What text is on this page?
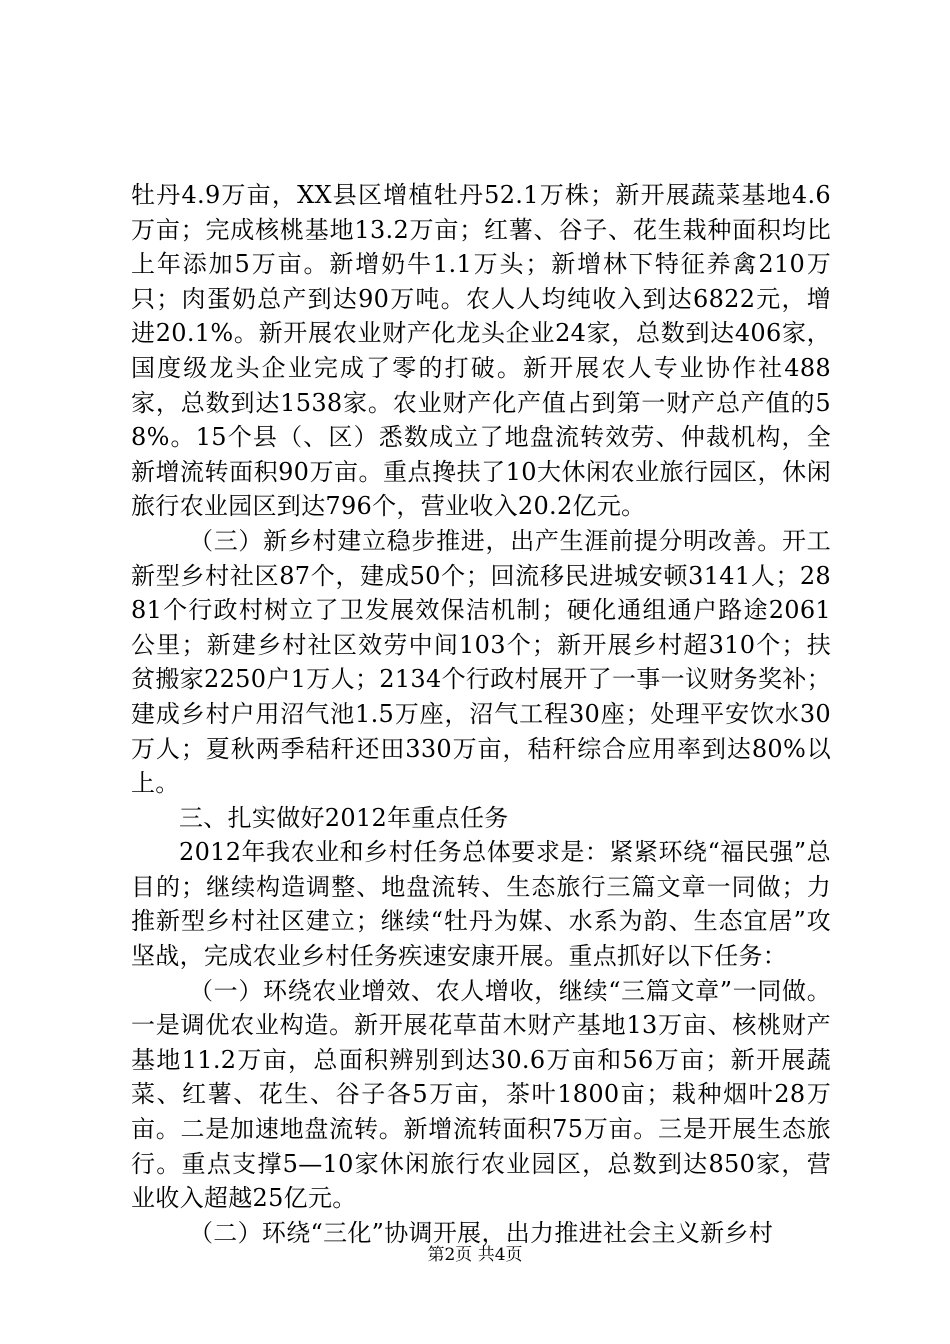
牡丹4.9万亩，XX县区增植牡丹52.1万株；新开展蔬菜基地4.6万亩；完成核桃基地13.2万亩；红薯、谷子、花生栽种面积均比上年添加5万亩。新增奶牛1.1万头；新增林下特征养禽210万只；肉蛋奶总产到达90万吨。农人人均纯收入到达6822元，增进20.1%。新开展农业财产化龙头企业24家，总数到达406家，国度级龙头企业完成了零的打破。新开展农人专业协作社488家，总数到达1538家。农业财产化产值占到第一财产总产值的58%。15个县（、区）悉数成立了地盘流转效劳、仲裁机构，全新增流转面积90万亩。重点搀扶了10大休闲农业旅行园区，休闲旅行农业园区到达796个，营业收入20.2亿元。

（三）新乡村建立稳步推进，出产生涯前提分明改善。开工新型乡村社区87个，建成50个；回流移民进城安顿3141人；2881个行政村树立了卫发展效保洁机制；硬化通组通户路途2061公里；新建乡村社区效劳中间103个；新开展乡村超310个；扶贫搬家2250户1万人；2134个行政村展开了一事一议财务奖补；建成乡村户用沼气池1.5万座，沼气工程30座；处理平安饮水30万人；夏秋两季秸秆还田330万亩，秸秆综合应用率到达80%以上。

三、扎实做好2012年重点任务

2012年我农业和乡村任务总体要求是：紧紧环绕“福民强”总目的；继续构造调整、地盘流转、生态旅行三篇文章一同做；力推新型乡村社区建立；继续“牡丹为媒、水系为韵、生态宜居”攻坚战，完成农业乡村任务疾速安康开展。重点抓好以下任务：

（一）环绕农业增效、农人增收，继续“三篇文章”一同做。一是调优农业构造。新开展花草苗木财产基地13万亩、核桃财产基地11.2万亩，总面积辨别到达30.6万亩和56万亩；新开展蔬菜、红薯、花生、谷子各5万亩，茶叶1800亩；栽种烟叶28万亩。二是加速地盘流转。新增流转面积75万亩。三是开展生态旅行。重点支撑5—10家休闲旅行农业园区，总数到达850家，营业收入超越25亿元。

（二）环绕“三化”协调开展，出力推进社会主义新乡村

第2页 共4页
